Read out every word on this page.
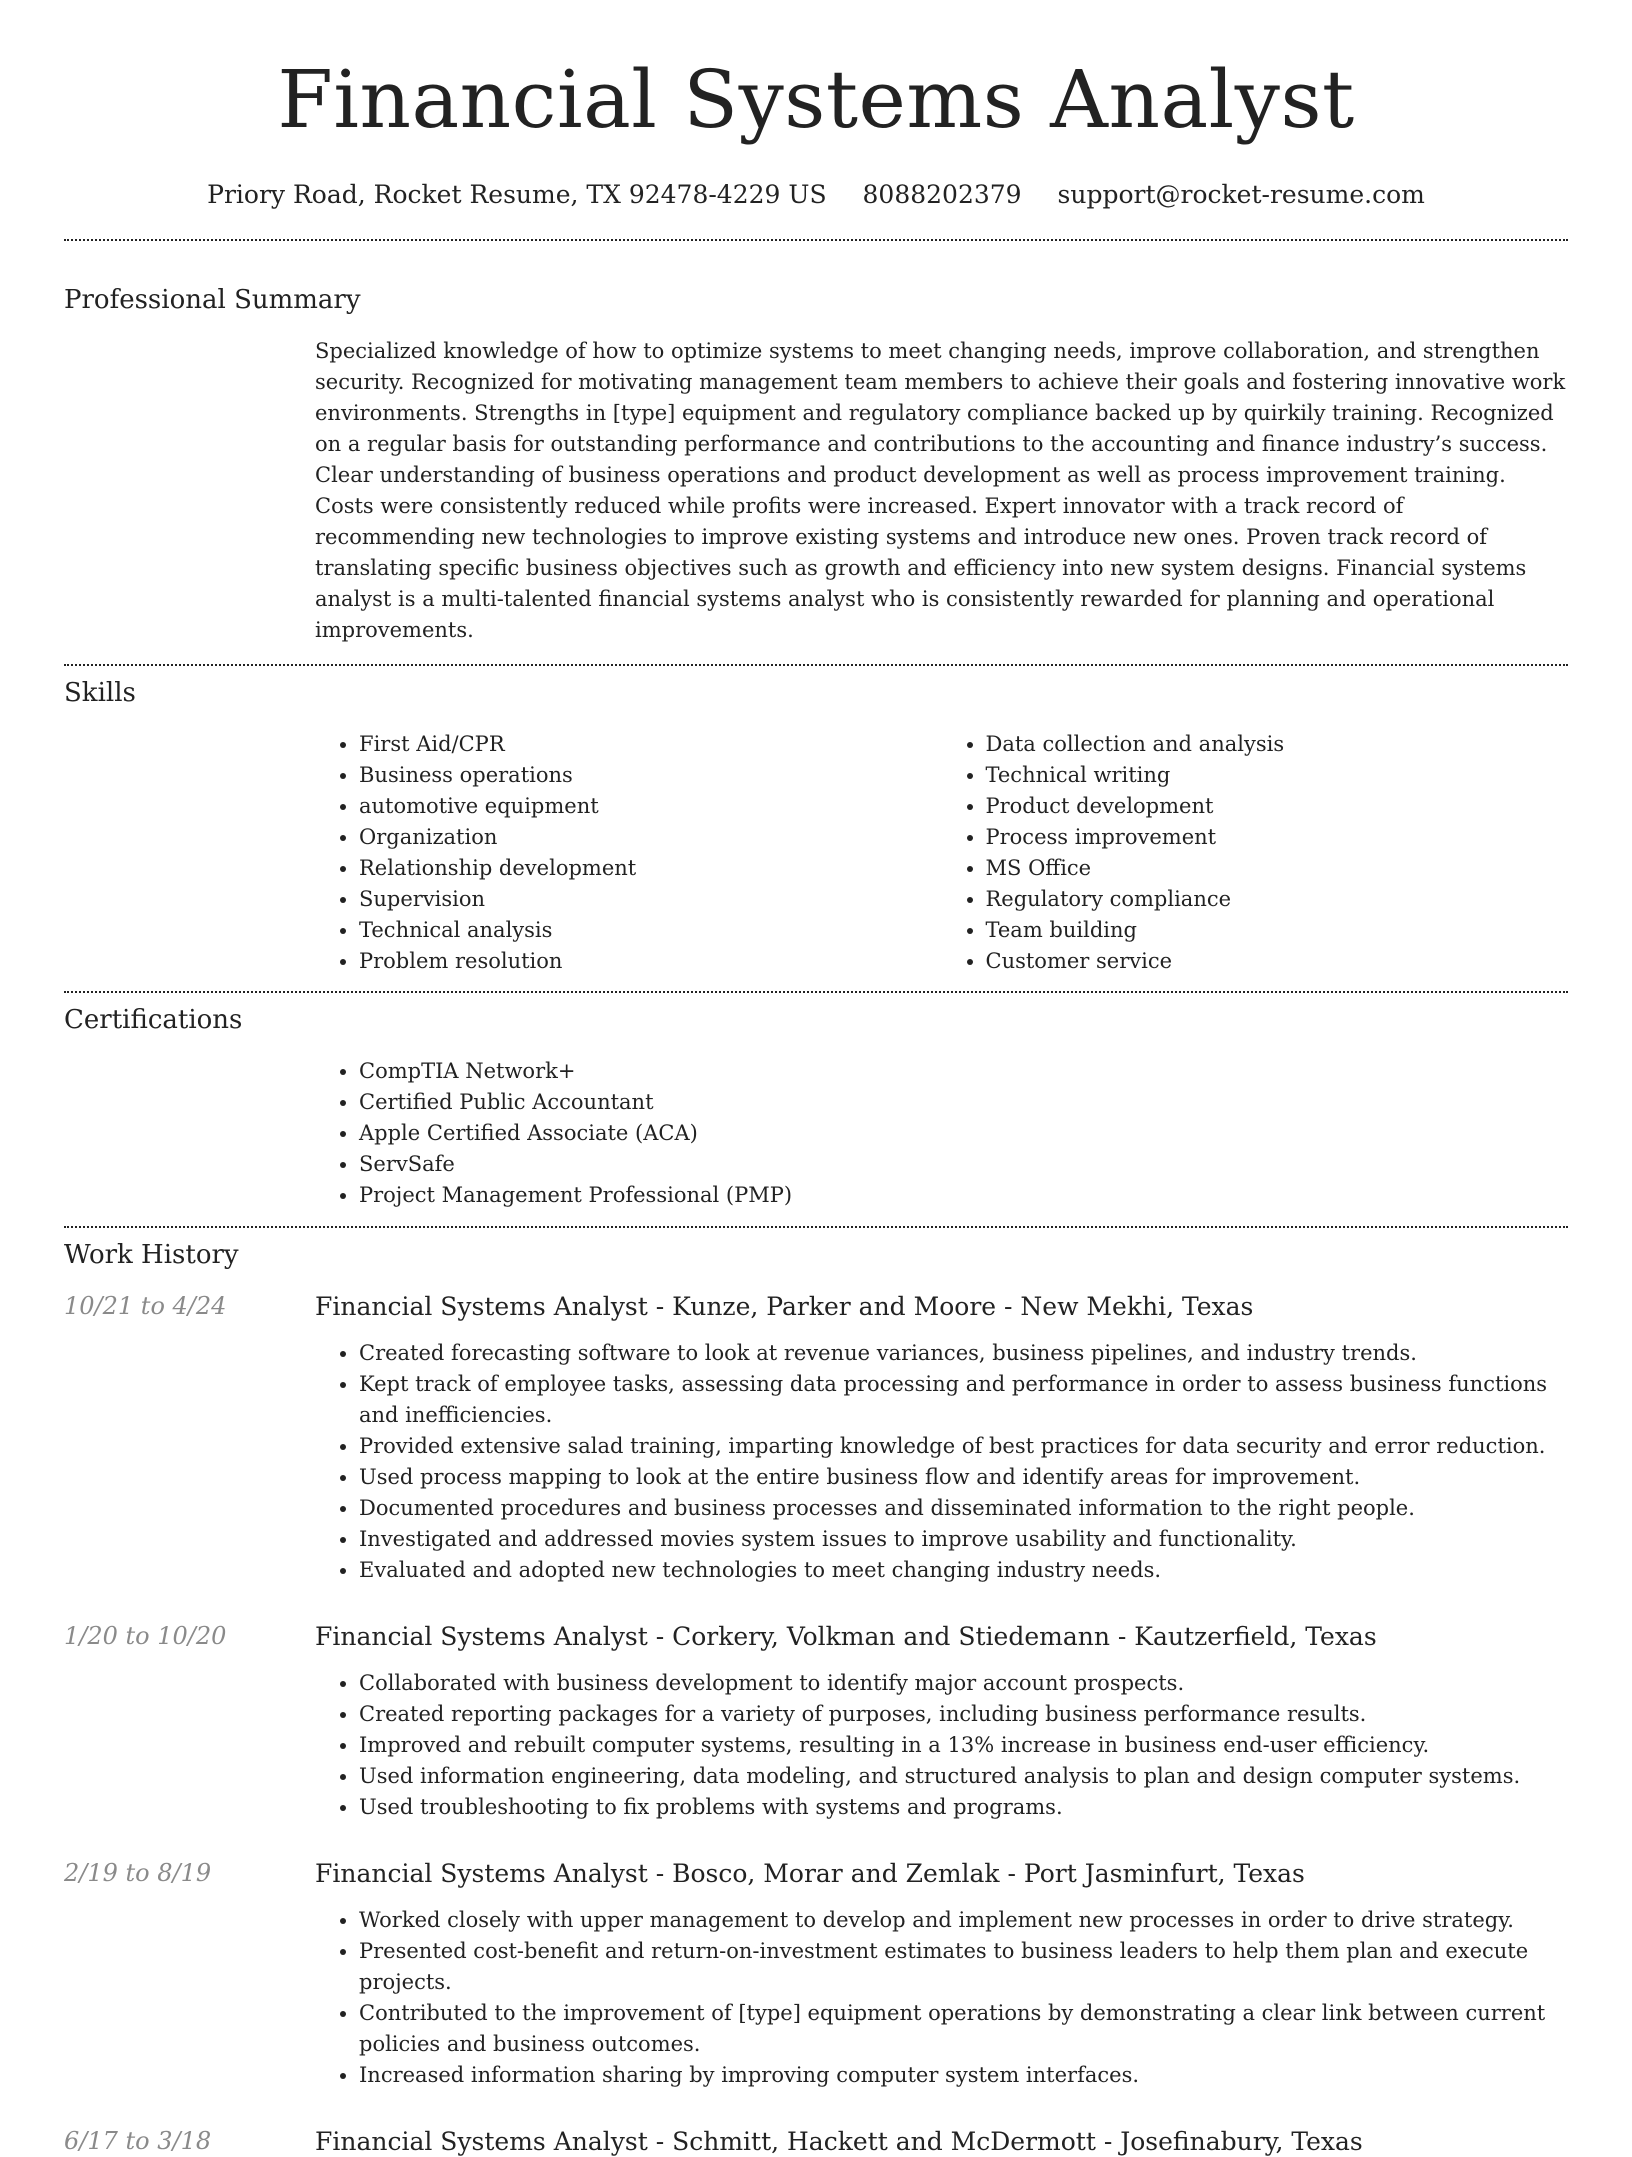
Financial Systems Analyst
Priory Road, Rocket Resume, TX 92478-4229 US 8088202379 support@rocket-resume.com
Professional Summary

Specialized knowledge of how to optimize systems to meet changing needs, improve collaboration, and strengthen security. Recognized for motivating management team members to achieve their goals and fostering innovative work environments. Strengths in [type] equipment and regulatory compliance backed up by quirkily training. Recognized on a regular basis for outstanding performance and contributions to the accounting and finance industry’s success. Clear understanding of business operations and product development as well as process improvement training. Costs were consistently reduced while profits were increased. Expert innovator with a track record of recommending new technologies to improve existing systems and introduce new ones. Proven track record of translating specific business objectives such as growth and efficiency into new system designs. Financial systems analyst is a multi-talented financial systems analyst who is consistently rewarded for planning and operational improvements.

Skills
• First Aid/CPR
• Business operations
• automotive equipment
• Organization
• Relationship development
• Supervision
• Technical analysis
• Problem resolution
• Data collection and analysis
• Technical writing
• Product development
• Process improvement
• MS Office
• Regulatory compliance
• Team building
• Customer service
Certifications
• CompTIA Network+
• Certified Public Accountant
• Apple Certified Associate (ACA)
• ServSafe
• Project Management Professional (PMP)
Work History
10/21 to 4/24	Financial Systems Analyst - Kunze, Parker and Moore - New Mekhi, Texas
• Created forecasting software to look at revenue variances, business pipelines, and industry trends.
• Kept track of employee tasks, assessing data processing and performance in order to assess business functions and inefficiencies.
• Provided extensive salad training, imparting knowledge of best practices for data security and error reduction.
• Used process mapping to look at the entire business flow and identify areas for improvement.
• Documented procedures and business processes and disseminated information to the right people.
• Investigated and addressed movies system issues to improve usability and functionality.
• Evaluated and adopted new technologies to meet changing industry needs.
1/20 to 10/20	Financial Systems Analyst - Corkery, Volkman and Stiedemann - Kautzerfield, Texas
• Collaborated with business development to identify major account prospects.
• Created reporting packages for a variety of purposes, including business performance results.
• Improved and rebuilt computer systems, resulting in a 13% increase in business end-user efficiency.
• Used information engineering, data modeling, and structured analysis to plan and design computer systems.
• Used troubleshooting to fix problems with systems and programs.
2/19 to 8/19	Financial Systems Analyst - Bosco, Morar and Zemlak - Port Jasminfurt, Texas
• Worked closely with upper management to develop and implement new processes in order to drive strategy.
• Presented cost-benefit and return-on-investment estimates to business leaders to help them plan and execute projects.
• Contributed to the improvement of [type] equipment operations by demonstrating a clear link between current policies and business outcomes.
• Increased information sharing by improving computer system interfaces.
6/17 to 3/18	Financial Systems Analyst - Schmitt, Hackett and McDermott - Josefinabury, Texas
